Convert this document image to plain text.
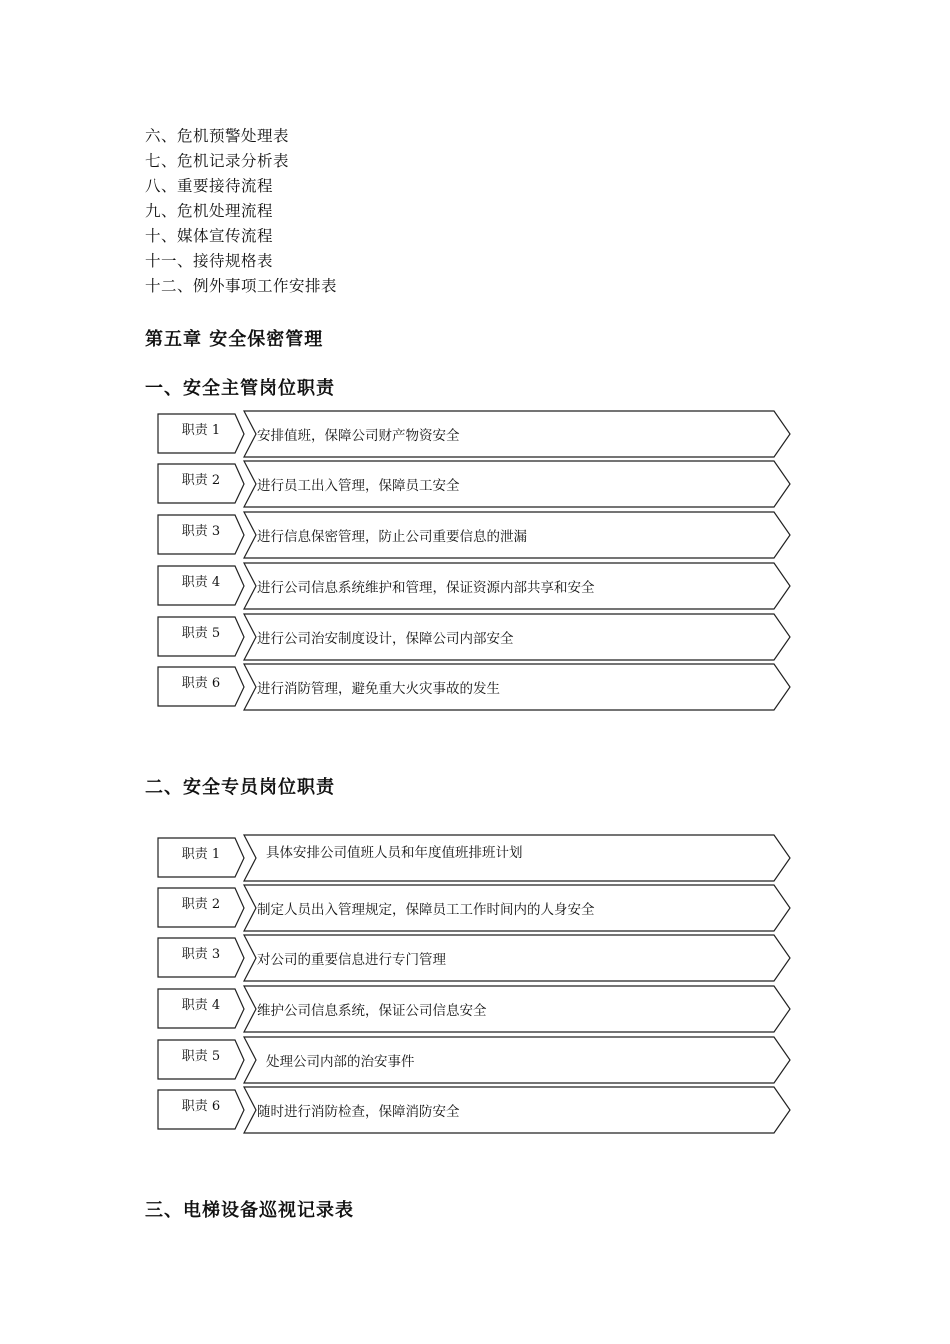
六、危机预警处理表
七、危机记录分析表
八、重要接待流程
九、危机处理流程
十、媒体宣传流程
十一、接待规格表
十二、例外事项工作安排表
第五章 安全保密管理
一、安全主管岗位职责
职责 1	安排值班，保障公司财产物资安全
职责 2	进行员工出入管理，保障员工安全
职责 3	进行信息保密管理，防止公司重要信息的泄漏
职责 4	进行公司信息系统维护和管理，保证资源内部共享和安全
职责 5	进行公司治安制度设计，保障公司内部安全
职责 6	进行消防管理，避免重大火灾事故的发生
二、安全专员岗位职责
职责 1	具体安排公司值班人员和年度值班排班计划
职责 2	制定人员出入管理规定，保障员工工作时间内的人身安全
职责 3	对公司的重要信息进行专门管理
职责 4	维护公司信息系统，保证公司信息安全
职责 5	处理公司内部的治安事件
职责 6	随时进行消防检查，保障消防安全
三、电梯设备巡视记录表
